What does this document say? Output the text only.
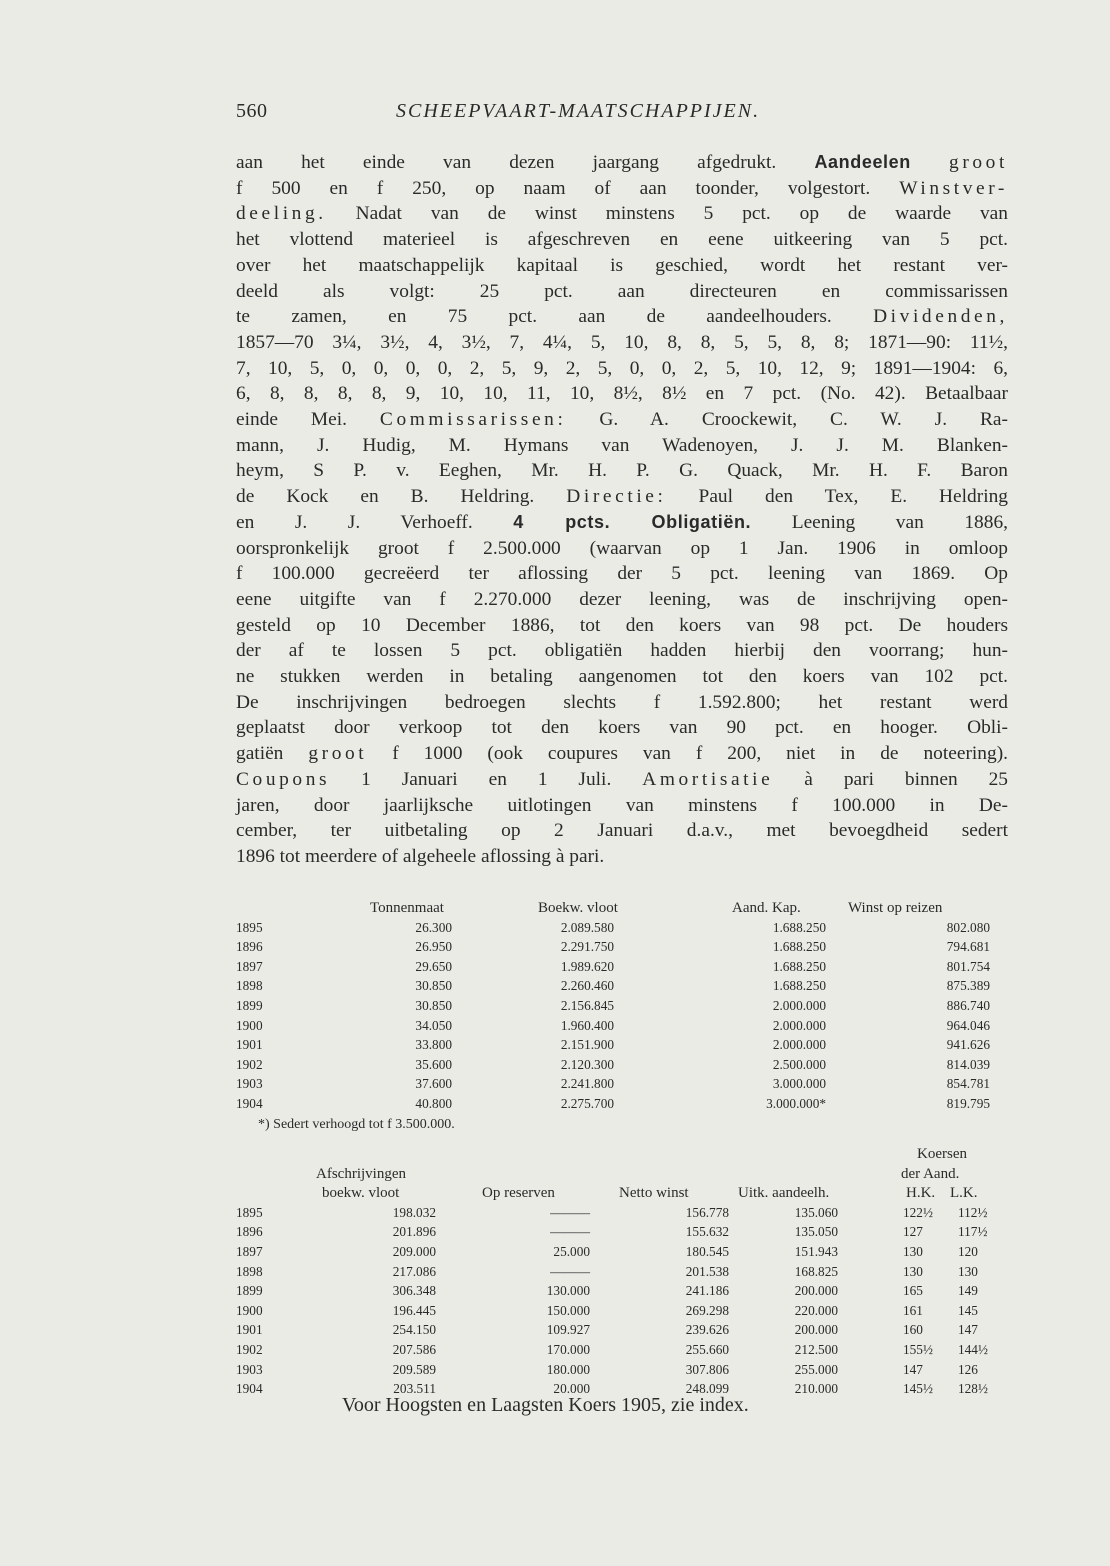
560	SCHEEPVAART-MAATSCHAPPIJEN.
aan het einde van dezen jaargang afgedrukt. Aandeelen groot
f 500 en f 250, op naam of aan toonder, volgestort. Winstver-
deeling. Nadat van de winst minstens 5 pct. op de waarde van
het vlottend materieel is afgeschreven en eene uitkeering van 5 pct.
over het maatschappelijk kapitaal is geschied, wordt het restant ver-
deeld als volgt: 25 pct. aan directeuren en commissarissen
te zamen, en 75 pct. aan de aandeelhouders. Dividenden,
1857—70 3¼, 3½, 4, 3½, 7, 4¼, 5, 10, 8, 8, 5, 5, 8, 8; 1871—90: 11½,
7, 10, 5, 0, 0, 0, 0, 2, 5, 9, 2, 5, 0, 0, 2, 5, 10, 12, 9; 1891—1904: 6,
6, 8, 8, 8, 8, 9, 10, 10, 11, 10, 8½, 8½ en 7 pct. (No. 42). Betaalbaar
einde Mei. Commissarissen: G. A. Croockewit, C. W. J. Ra-
mann, J. Hudig, M. Hymans van Wadenoyen, J. J. M. Blanken-
heym, S P. v. Eeghen, Mr. H. P. G. Quack, Mr. H. F. Baron
de Kock en B. Heldring. Directie: Paul den Tex, E. Heldring
en J. J. Verhoeff. 4 pcts. Obligatiën. Leening van 1886,
oorspronkelijk groot f 2.500.000 (waarvan op 1 Jan. 1906 in omloop
f 100.000 gecreëerd ter aflossing der 5 pct. leening van 1869. Op
eene uitgifte van f 2.270.000 dezer leening, was de inschrijving open-
gesteld op 10 December 1886, tot den koers van 98 pct. De houders
der af te lossen 5 pct. obligatiën hadden hierbij den voorrang; hun-
ne stukken werden in betaling aangenomen tot den koers van 102 pct.
De inschrijvingen bedroegen slechts f 1.592.800; het restant werd
geplaatst door verkoop tot den koers van 90 pct. en hooger. Obli-
gatiën groot f 1000 (ook coupures van f 200, niet in de noteering).
Coupons 1 Januari en 1 Juli. Amortisatie à pari binnen 25
jaren, door jaarlijksche uitlotingen van minstens f 100.000 in De-
cember, ter uitbetaling op 2 Januari d.a.v., met bevoegdheid sedert
1896 tot meerdere of algeheele aflossing à pari.
Tonnenmaat	Boekw. vloot	Aand. Kap.	Winst op reizen
1895	26.300	2.089.580	1.688.250	802.080
1896	26.950	2.291.750	1.688.250	794.681
1897	29.650	1.989.620	1.688.250	801.754
1898	30.850	2.260.460	1.688.250	875.389
1899	30.850	2.156.845	2.000.000	886.740
1900	34.050	1.960.400	2.000.000	964.046
1901	33.800	2.151.900	2.000.000	941.626
1902	35.600	2.120.300	2.500.000	814.039
1903	37.600	2.241.800	3.000.000	854.781
1904	40.800	2.275.700	3.000.000*	819.795
*) Sedert verhoogd tot f 3.500.000.
Koersen
Afschrijvingen	der Aand.
boekw. vloot	Op reserven	Netto winst	Uitk. aandeelh.	H.K. L.K.
1895	198.032	———	156.778	135.060	122½ 112½
1896	201.896	———	155.632	135.050	127	117½
1897	209.000	25.000	180.545	151.943	130	120
1898	217.086	———	201.538	168.825	130	130
1899	306.348	130.000	241.186	200.000	165	149
1900	196.445	150.000	269.298	220.000	161	145
1901	254.150	109.927	239.626	200.000	160	147
1902	207.586	170.000	255.660	212.500	155½ 144½
1903	209.589	180.000	307.806	255.000	147	126
1904	203.511	20.000	248.099	210.000	145½ 128½
Voor Hoogsten en Laagsten Koers 1905, zie index.
